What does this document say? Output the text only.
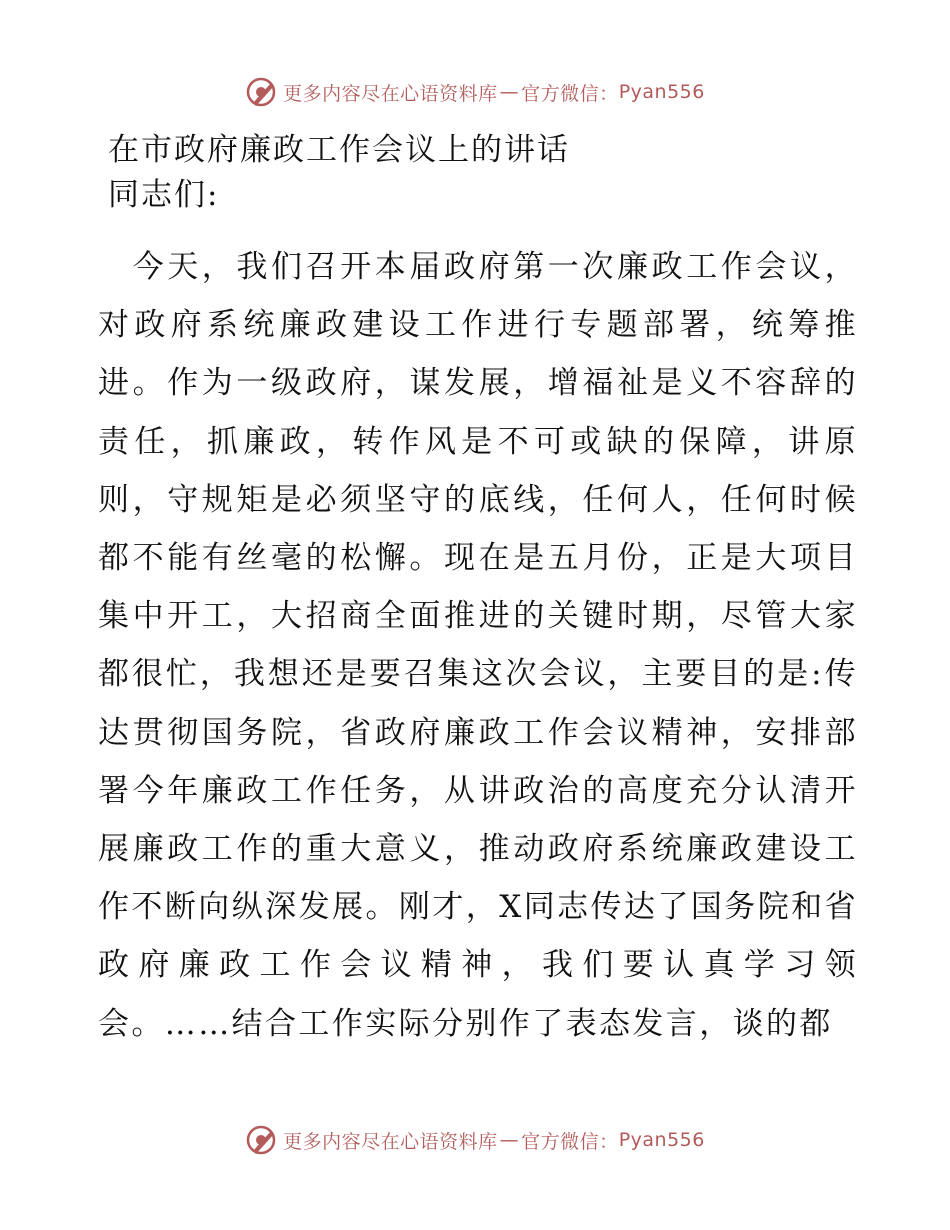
更多内容尽在心语资料库 — 官方微信： Pyan556
在市政府廉政工作会议上的讲话
同志们:
 今天，我们召开本届政府第一次廉政工作会议，对政府系统廉政建设工作进行专题部署，统筹推进。作为一级政府，谋发展，增福祉是义不容辞的责任，抓廉政，转作风是不可或缺的保障，讲原则，守规矩是必须坚守的底线，任何人，任何时候都不能有丝毫的松懈。现在是五月份，正是大项目集中开工，大招商全面推进的关键时期，尽管大家都很忙，我想还是要召集这次会议，主要目的是:传达贯彻国务院，省政府廉政工作会议精神，安排部署今年廉政工作任务，从讲政治的高度充分认清开展廉政工作的重大意义，推动政府系统廉政建设工作不断向纵深发展。刚才，X同志传达了国务院和省政府廉政工作会议精神，我们要认真学习领会。……结合工作实际分别作了表态发言，谈的都
更多内容尽在心语资料库 — 官方微信： Pyan556
